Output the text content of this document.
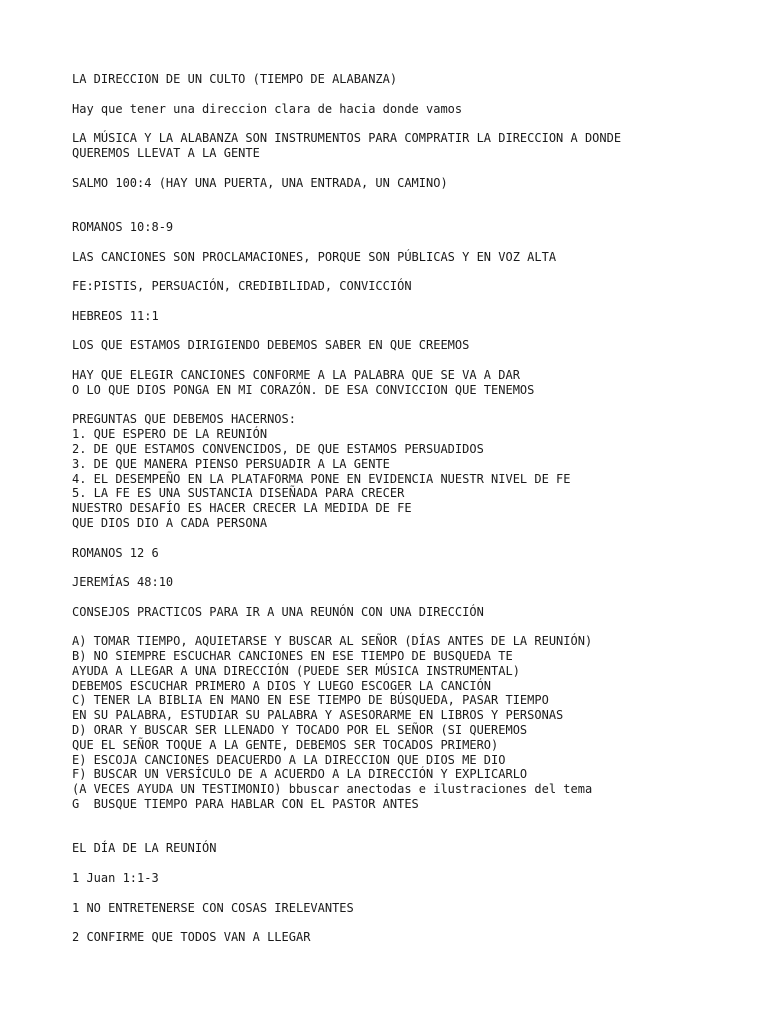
LA DIRECCION DE UN CULTO (TIEMPO DE ALABANZA)
Hay que tener una direccion clara de hacia donde vamos
LA MÚSICA Y LA ALABANZA SON INSTRUMENTOS PARA COMPRATIR LA DIRECCION A DONDE
QUEREMOS LLEVAT A LA GENTE
SALMO 100:4 (HAY UNA PUERTA, UNA ENTRADA, UN CAMINO)
ROMANOS 10:8-9
LAS CANCIONES SON PROCLAMACIONES, PORQUE SON PÚBLICAS Y EN VOZ ALTA
FE:PISTIS, PERSUACIÓN, CREDIBILIDAD, CONVICCIÓN
HEBREOS 11:1
LOS QUE ESTAMOS DIRIGIENDO DEBEMOS SABER EN QUE CREEMOS
HAY QUE ELEGIR CANCIONES CONFORME A LA PALABRA QUE SE VA A DAR
O LO QUE DIOS PONGA EN MI CORAZÓN. DE ESA CONVICCION QUE TENEMOS
PREGUNTAS QUE DEBEMOS HACERNOS:
1. QUE ESPERO DE LA REUNIÓN
2. DE QUE ESTAMOS CONVENCIDOS, DE QUE ESTAMOS PERSUADIDOS
3. DE QUE MANERA PIENSO PERSUADIR A LA GENTE
4. EL DESEMPEÑO EN LA PLATAFORMA PONE EN EVIDENCIA NUESTR NIVEL DE FE
5. LA FE ES UNA SUSTANCIA DISEÑADA PARA CRECER
NUESTRO DESAFÍO ES HACER CRECER LA MEDIDA DE FE
QUE DIOS DIO A CADA PERSONA
ROMANOS 12 6
JEREMÍAS 48:10
CONSEJOS PRACTICOS PARA IR A UNA REUNÓN CON UNA DIRECCIÓN
A) TOMAR TIEMPO, AQUIETARSE Y BUSCAR AL SEÑOR (DÍAS ANTES DE LA REUNIÓN)
B) NO SIEMPRE ESCUCHAR CANCIONES EN ESE TIEMPO DE BUSQUEDA TE
AYUDA A LLEGAR A UNA DIRECCIÓN (PUEDE SER MÚSICA INSTRUMENTAL)
DEBEMOS ESCUCHAR PRIMERO A DIOS Y LUEGO ESCOGER LA CANCIÓN
C) TENER LA BIBLIA EN MANO EN ESE TIEMPO DE BÚSQUEDA, PASAR TIEMPO
EN SU PALABRA, ESTUDIAR SU PALABRA Y ASESORARME EN LIBROS Y PERSONAS
D) ORAR Y BUSCAR SER LLENADO Y TOCADO POR EL SEÑOR (SI QUEREMOS
QUE EL SEÑOR TOQUE A LA GENTE, DEBEMOS SER TOCADOS PRIMERO)
E) ESCOJA CANCIONES DEACUERDO A LA DIRECCION QUE DIOS ME DIO
F) BUSCAR UN VERSÍCULO DE A ACUERDO A LA DIRECCIÓN Y EXPLICARLO
(A VECES AYUDA UN TESTIMONIO) bbuscar anectodas e ilustraciones del tema
G  BUSQUE TIEMPO PARA HABLAR CON EL PASTOR ANTES
EL DÍA DE LA REUNIÓN
1 Juan 1:1-3
1 NO ENTRETENERSE CON COSAS IRELEVANTES
2 CONFIRME QUE TODOS VAN A LLEGAR
